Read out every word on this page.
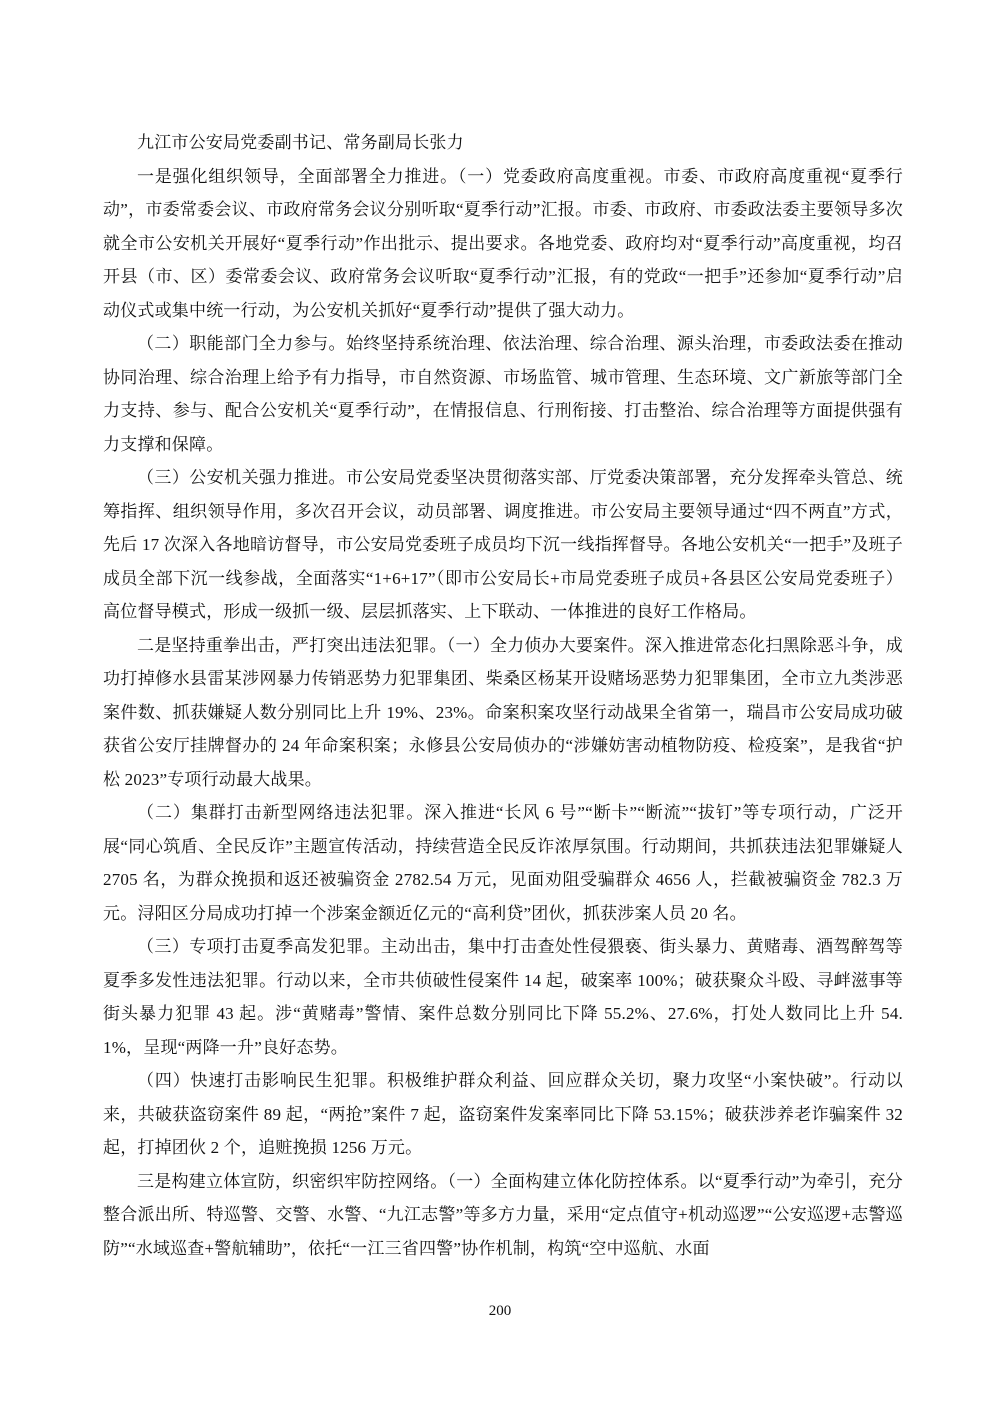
九江市公安局党委副书记、常务副局长张力

一是强化组织领导，全面部署全力推进。（一）党委政府高度重视。市委、市政府高度重视“夏季行动”，市委常委会议、市政府常务会议分别听取“夏季行动”汇报。市委、市政府、市委政法委主要领导多次就全市公安机关开展好“夏季行动”作出批示、提出要求。各地党委、政府均对“夏季行动”高度重视，均召开县（市、区）委常委会议、政府常务会议听取“夏季行动”汇报，有的党政“一把手”还参加“夏季行动”启动仪式或集中统一行动，为公安机关抓好“夏季行动”提供了强大动力。

（二）职能部门全力参与。始终坚持系统治理、依法治理、综合治理、源头治理，市委政法委在推动协同治理、综合治理上给予有力指导，市自然资源、市场监管、城市管理、生态环境、文广新旅等部门全力支持、参与、配合公安机关“夏季行动”，在情报信息、行刑衔接、打击整治、综合治理等方面提供强有力支撑和保障。

（三）公安机关强力推进。市公安局党委坚决贯彻落实部、厅党委决策部署，充分发挥牵头管总、统筹指挥、组织领导作用，多次召开会议，动员部署、调度推进。市公安局主要领导通过“四不两直”方式，先后 17 次深入各地暗访督导，市公安局党委班子成员均下沉一线指挥督导。各地公安机关“一把手”及班子成员全部下沉一线参战，全面落实“1+6+17”（即市公安局长+市局党委班子成员+各县区公安局党委班子）高位督导模式，形成一级抓一级、层层抓落实、上下联动、一体推进的良好工作格局。

二是坚持重拳出击，严打突出违法犯罪。（一）全力侦办大要案件。深入推进常态化扫黑除恶斗争，成功打掉修水县雷某涉网暴力传销恶势力犯罪集团、柴桑区杨某开设赌场恶势力犯罪集团，全市立九类涉恶案件数、抓获嫌疑人数分别同比上升 19%、23%。命案积案攻坚行动战果全省第一，瑞昌市公安局成功破获省公安厅挂牌督办的 24 年命案积案；永修县公安局侦办的“涉嫌妨害动植物防疫、检疫案”，是我省“护松 2023”专项行动最大战果。

（二）集群打击新型网络违法犯罪。深入推进“长风 6 号”“断卡”“断流”“拔钉”等专项行动，广泛开展“同心筑盾、全民反诈”主题宣传活动，持续营造全民反诈浓厚氛围。行动期间，共抓获违法犯罪嫌疑人 2705 名，为群众挽损和返还被骗资金 2782.54 万元，见面劝阻受骗群众 4656 人，拦截被骗资金 782.3 万元。浔阳区分局成功打掉一个涉案金额近亿元的“高利贷”团伙，抓获涉案人员 20 名。

（三）专项打击夏季高发犯罪。主动出击，集中打击查处性侵猥亵、街头暴力、黄赌毒、酒驾醉驾等夏季多发性违法犯罪。行动以来，全市共侦破性侵案件 14 起，破案率 100%；破获聚众斗殴、寻衅滋事等街头暴力犯罪 43 起。涉“黄赌毒”警情、案件总数分别同比下降 55.2%、27.6%，打处人数同比上升 54.1%，呈现“两降一升”良好态势。

（四）快速打击影响民生犯罪。积极维护群众利益、回应群众关切，聚力攻坚“小案快破”。行动以来，共破获盗窃案件 89 起，“两抢”案件 7 起，盗窃案件发案率同比下降 53.15%；破获涉养老诈骗案件 32 起，打掉团伙 2 个，追赃挽损 1256 万元。

三是构建立体宣防，织密织牢防控网络。（一）全面构建立体化防控体系。以“夏季行动”为牵引，充分整合派出所、特巡警、交警、水警、“九江志警”等多方力量，采用“定点值守+机动巡逻”“公安巡逻+志警巡防”“水域巡查+警航辅助”，依托“一江三省四警”协作机制，构筑“空中巡航、水面

200
